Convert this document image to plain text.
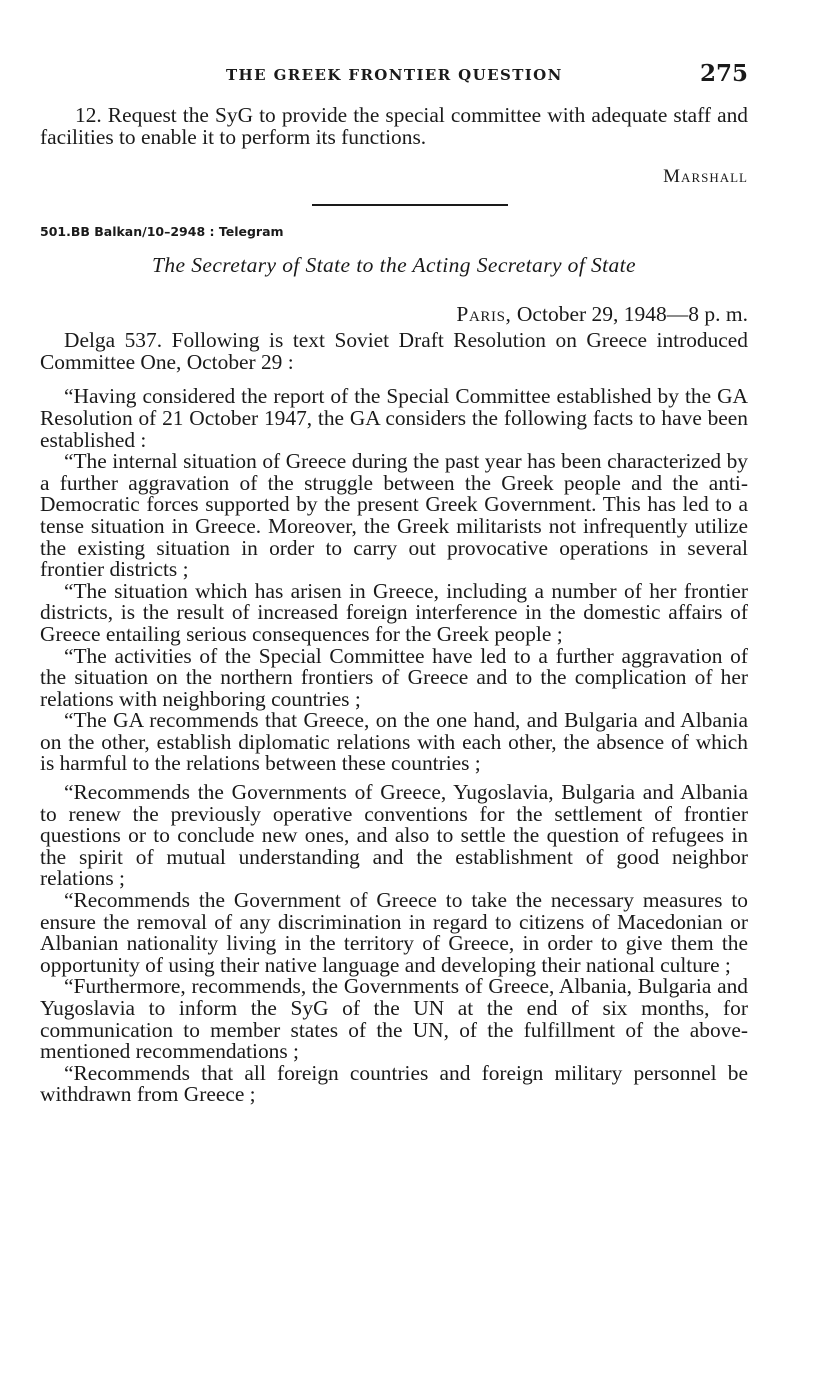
THE GREEK FRONTIER QUESTION	275

12. Request the SyG to provide the special committee with adequate staff and facilities to enable it to perform its functions.

Marshall
501.BB Balkan/10–2948 : Telegram
The Secretary of State to the Acting Secretary of State
Paris, October 29, 1948—8 p. m.

Delga 537. Following is text Soviet Draft Resolution on Greece introduced Committee One, October 29 :

“Having considered the report of the Special Committee established by the GA Resolution of 21 October 1947, the GA considers the following facts to have been established :

“The internal situation of Greece during the past year has been characterized by a further aggravation of the struggle between the Greek people and the anti-Democratic forces supported by the present Greek Government. This has led to a tense situation in Greece. Moreover, the Greek militarists not infrequently utilize the existing situation in order to carry out provocative operations in several frontier districts ;

“The situation which has arisen in Greece, including a number of her frontier districts, is the result of increased foreign interference in the domestic affairs of Greece entailing serious consequences for the Greek people ;

“The activities of the Special Committee have led to a further aggravation of the situation on the northern frontiers of Greece and to the complication of her relations with neighboring countries ;

“The GA recommends that Greece, on the one hand, and Bulgaria and Albania on the other, establish diplomatic relations with each other, the absence of which is harmful to the relations between these countries ;

“Recommends the Governments of Greece, Yugoslavia, Bulgaria and Albania to renew the previously operative conventions for the settlement of frontier questions or to conclude new ones, and also to settle the question of refugees in the spirit of mutual understanding and the establishment of good neighbor relations ;

“Recommends the Government of Greece to take the necessary measures to ensure the removal of any discrimination in regard to citizens of Macedonian or Albanian nationality living in the territory of Greece, in order to give them the opportunity of using their native language and developing their national culture ;

“Furthermore, recommends, the Governments of Greece, Albania, Bulgaria and Yugoslavia to inform the SyG of the UN at the end of six months, for communication to member states of the UN, of the fulfillment of the above-mentioned recommendations ;

“Recommends that all foreign countries and foreign military personnel be withdrawn from Greece ;
